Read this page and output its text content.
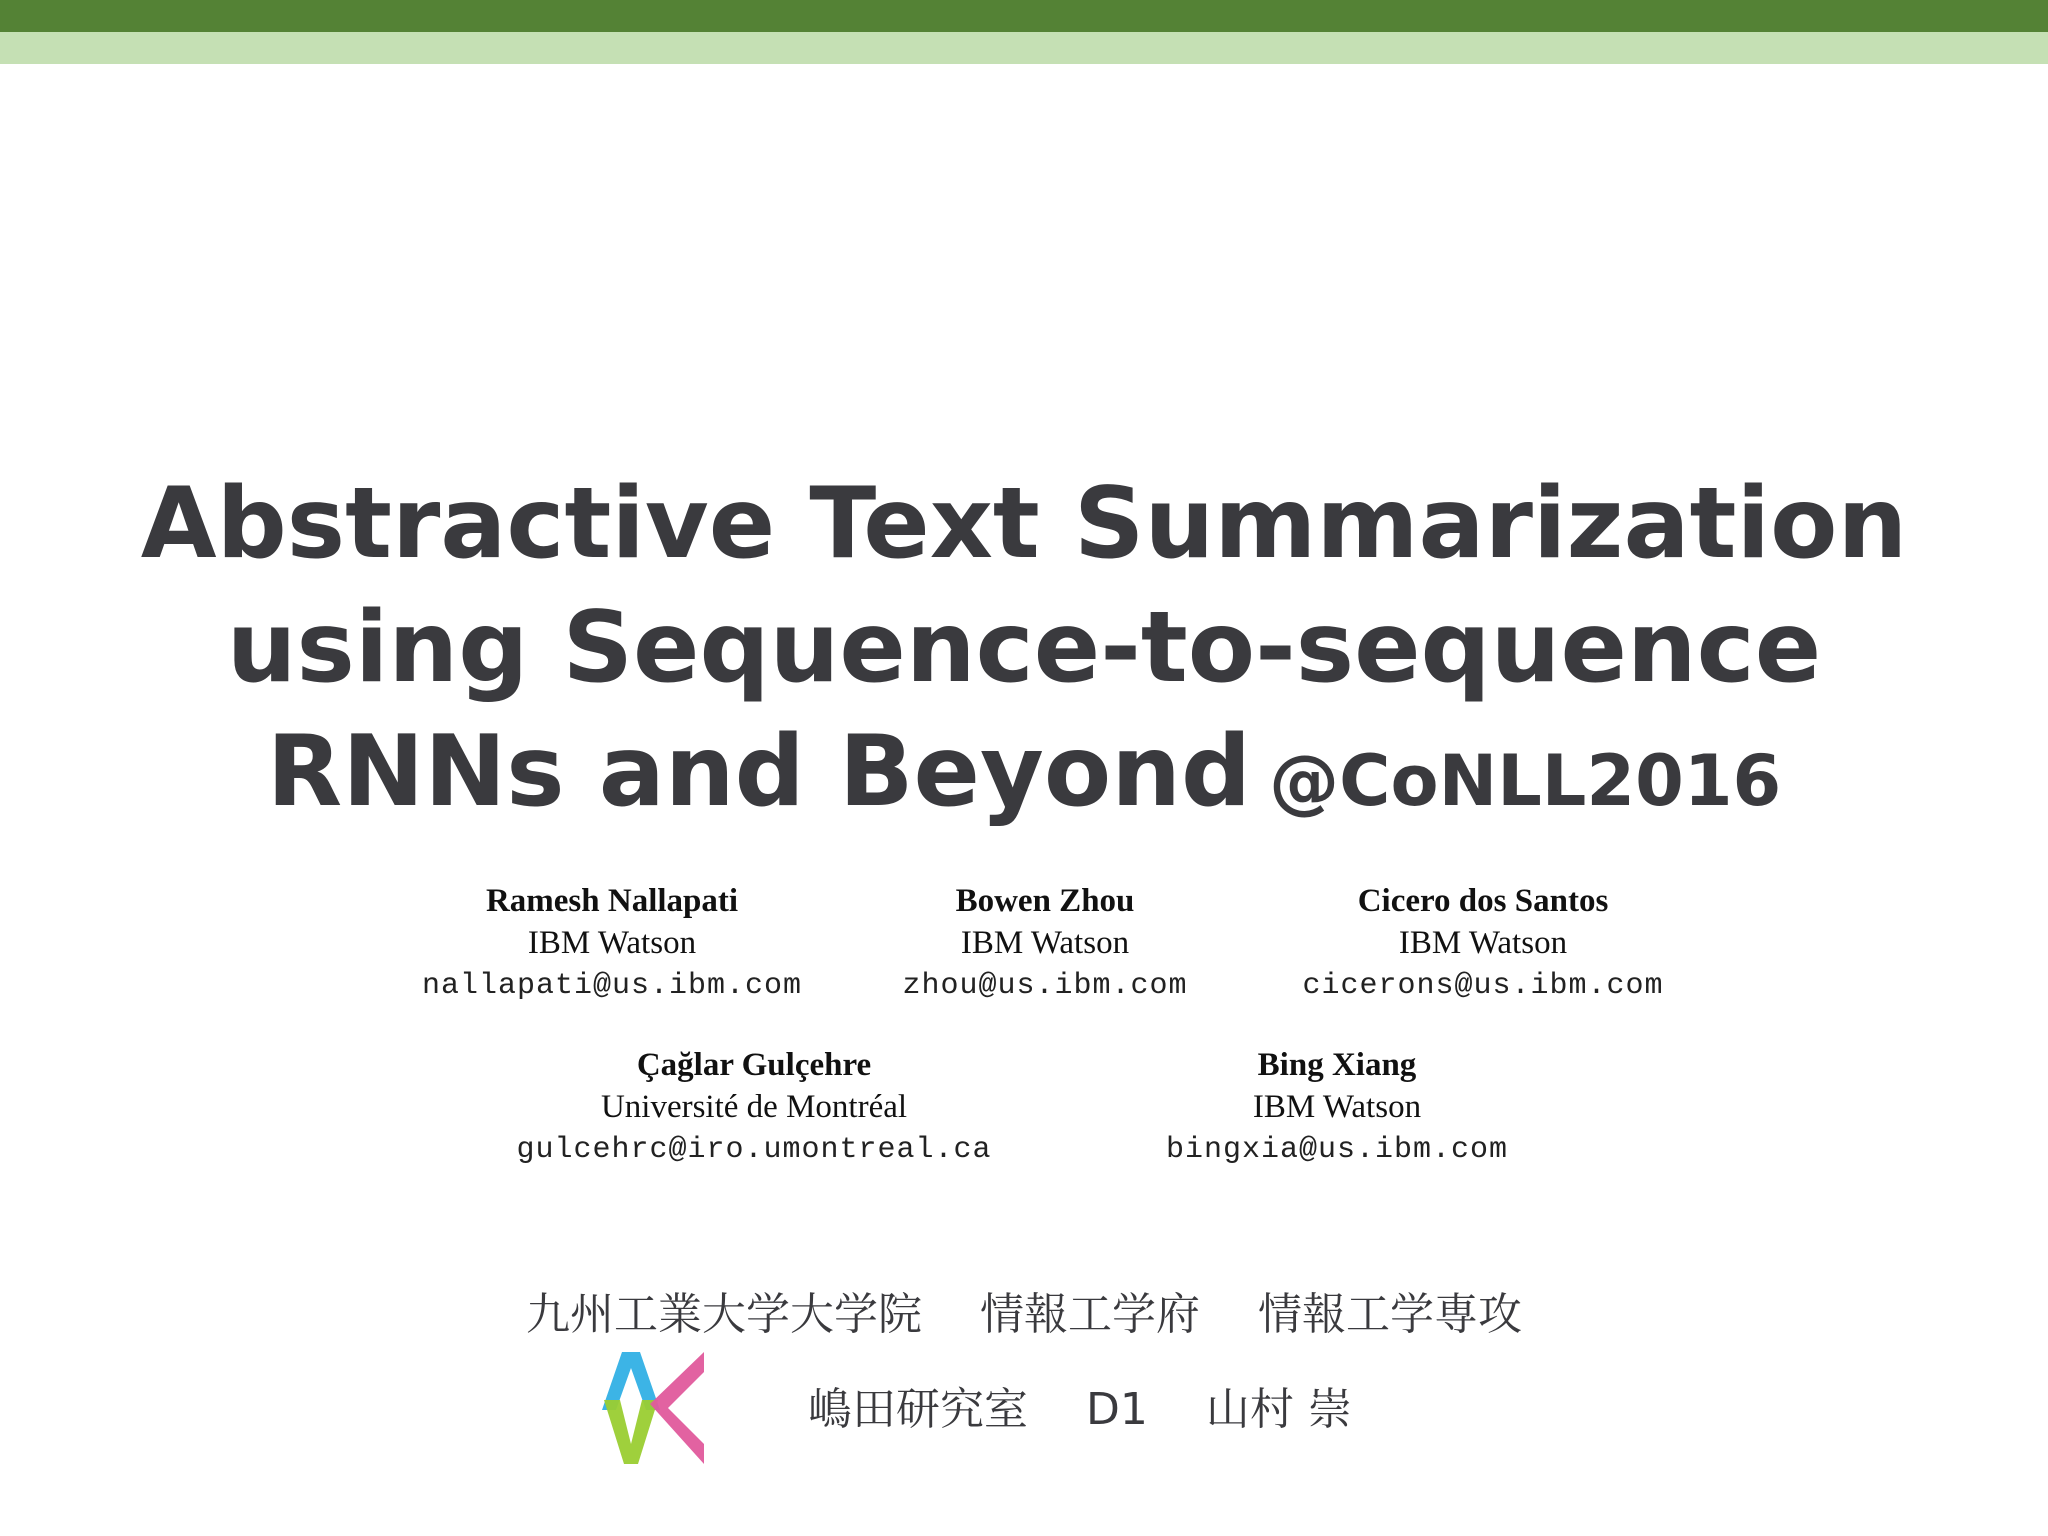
Abstractive Text Summarization
using Sequence-to-sequence
RNNs and Beyond @CoNLL2016
Ramesh Nallapati
IBM Watson
nallapati@us.ibm.com
Bowen Zhou
IBM Watson
zhou@us.ibm.com
Cicero dos Santos
IBM Watson
cicerons@us.ibm.com
Çağlar Gulçehre
Université de Montréal
gulcehrc@iro.umontreal.ca
Bing Xiang
IBM Watson
bingxia@us.ibm.com
九州工業大学大学院 情報工学府 情報工学専攻
嶋田研究室 D1 山村 崇
